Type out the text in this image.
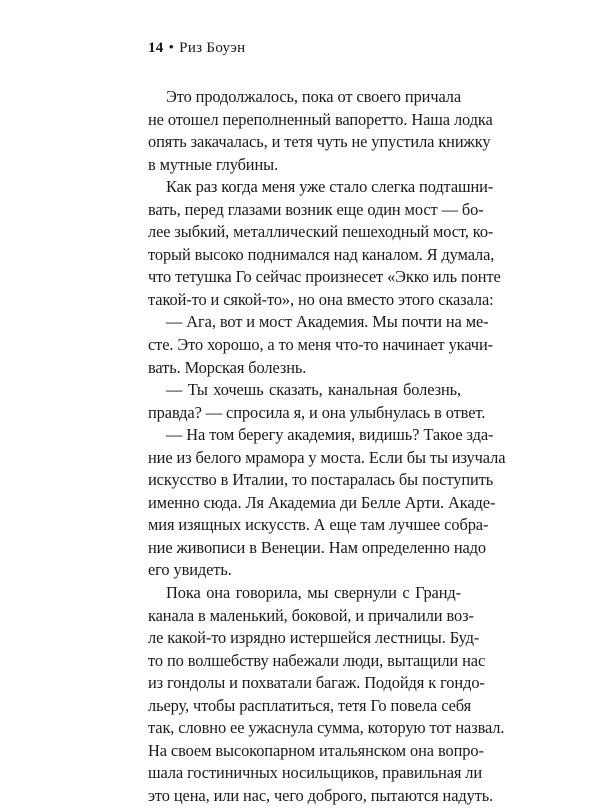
14 • Риз Боуэн

Это продолжалось, пока от своего причала

не отошел переполненный вапоретто. Наша лодка

опять закачалась, и тетя чуть не упустила книжку

в мутные глубины.

Как раз когда меня уже стало слегка подташни-

вать, перед глазами возник еще один мост — бо-

лее зыбкий, металлический пешеходный мост, ко-

торый высоко поднимался над каналом. Я думала,

что тетушка Го сейчас произнесет «Экко иль понте

такой-то и сякой-то», но она вместо этого сказала:

— Ага, вот и мост Академия. Мы почти на ме-

сте. Это хорошо, а то меня что-то начинает укачи-

вать. Морская болезнь.

— Ты хочешь сказать, канальная болезнь,

правда? — спросила я, и она улыбнулась в ответ.

— На том берегу академия, видишь? Такое зда-

ние из белого мрамора у моста. Если бы ты изучала

искусство в Италии, то постаралась бы поступить

именно сюда. Ля Академиа ди Белле Арти. Акаде-

мия изящных искусств. А еще там лучшее собра-

ние живописи в Венеции. Нам определенно надо

его увидеть.

Пока она говорила, мы свернули с Гранд-

канала в маленький, боковой, и причалили воз-

ле какой-то изрядно истершейся лестницы. Буд-

то по волшебству набежали люди, вытащили нас

из гондолы и похватали багаж. Подойдя к гондо-

льеру, чтобы расплатиться, тетя Го повела себя

так, словно ее ужаснула сумма, которую тот назвал.

На своем высокопарном итальянском она вопро-

шала гостиничных носильщиков, правильная ли

это цена, или нас, чего доброго, пытаются надуть.
